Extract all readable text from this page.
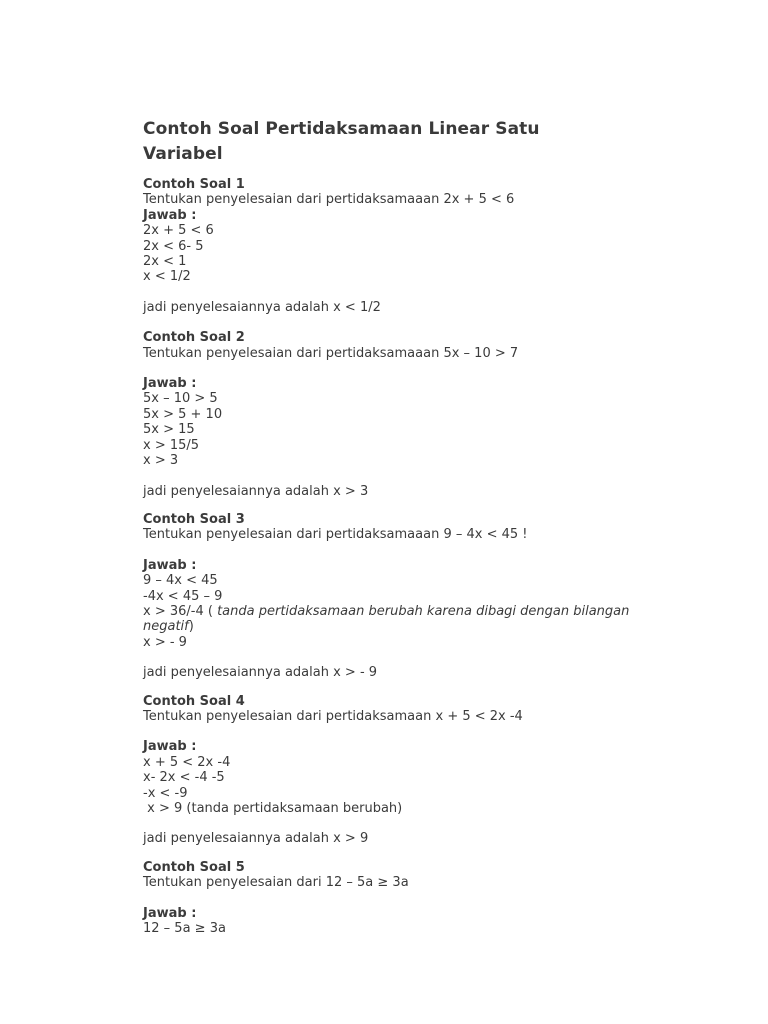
Contoh Soal Pertidaksamaan Linear Satu Variabel
Contoh Soal 1
Tentukan penyelesaian dari pertidaksamaaan 2x + 5 < 6
Jawab :
2x + 5 < 6
2x < 6- 5
2x < 1
x < 1/2
jadi penyelesaiannya adalah x < 1/2
Contoh Soal 2
Tentukan penyelesaian dari pertidaksamaaan 5x – 10 > 7
Jawab :
5x – 10 > 5
5x > 5 + 10
5x > 15
x > 15/5
x > 3
jadi penyelesaiannya adalah x > 3
Contoh Soal 3
Tentukan penyelesaian dari pertidaksamaaan 9 – 4x < 45 !
Jawab :
9 – 4x < 45
-4x < 45 – 9
x > 36/-4 ( tanda pertidaksamaan berubah karena dibagi dengan bilangan negatif)
x > - 9
jadi penyelesaiannya adalah x > - 9
Contoh Soal 4
Tentukan penyelesaian dari pertidaksamaan x + 5 < 2x -4
Jawab :
x + 5 < 2x -4
x- 2x < -4 -5
-x < -9
x > 9 (tanda pertidaksamaan berubah)
jadi penyelesaiannya adalah x > 9
Contoh Soal 5
Tentukan penyelesaian dari 12 – 5a ≥ 3a
Jawab :
12 – 5a ≥ 3a
